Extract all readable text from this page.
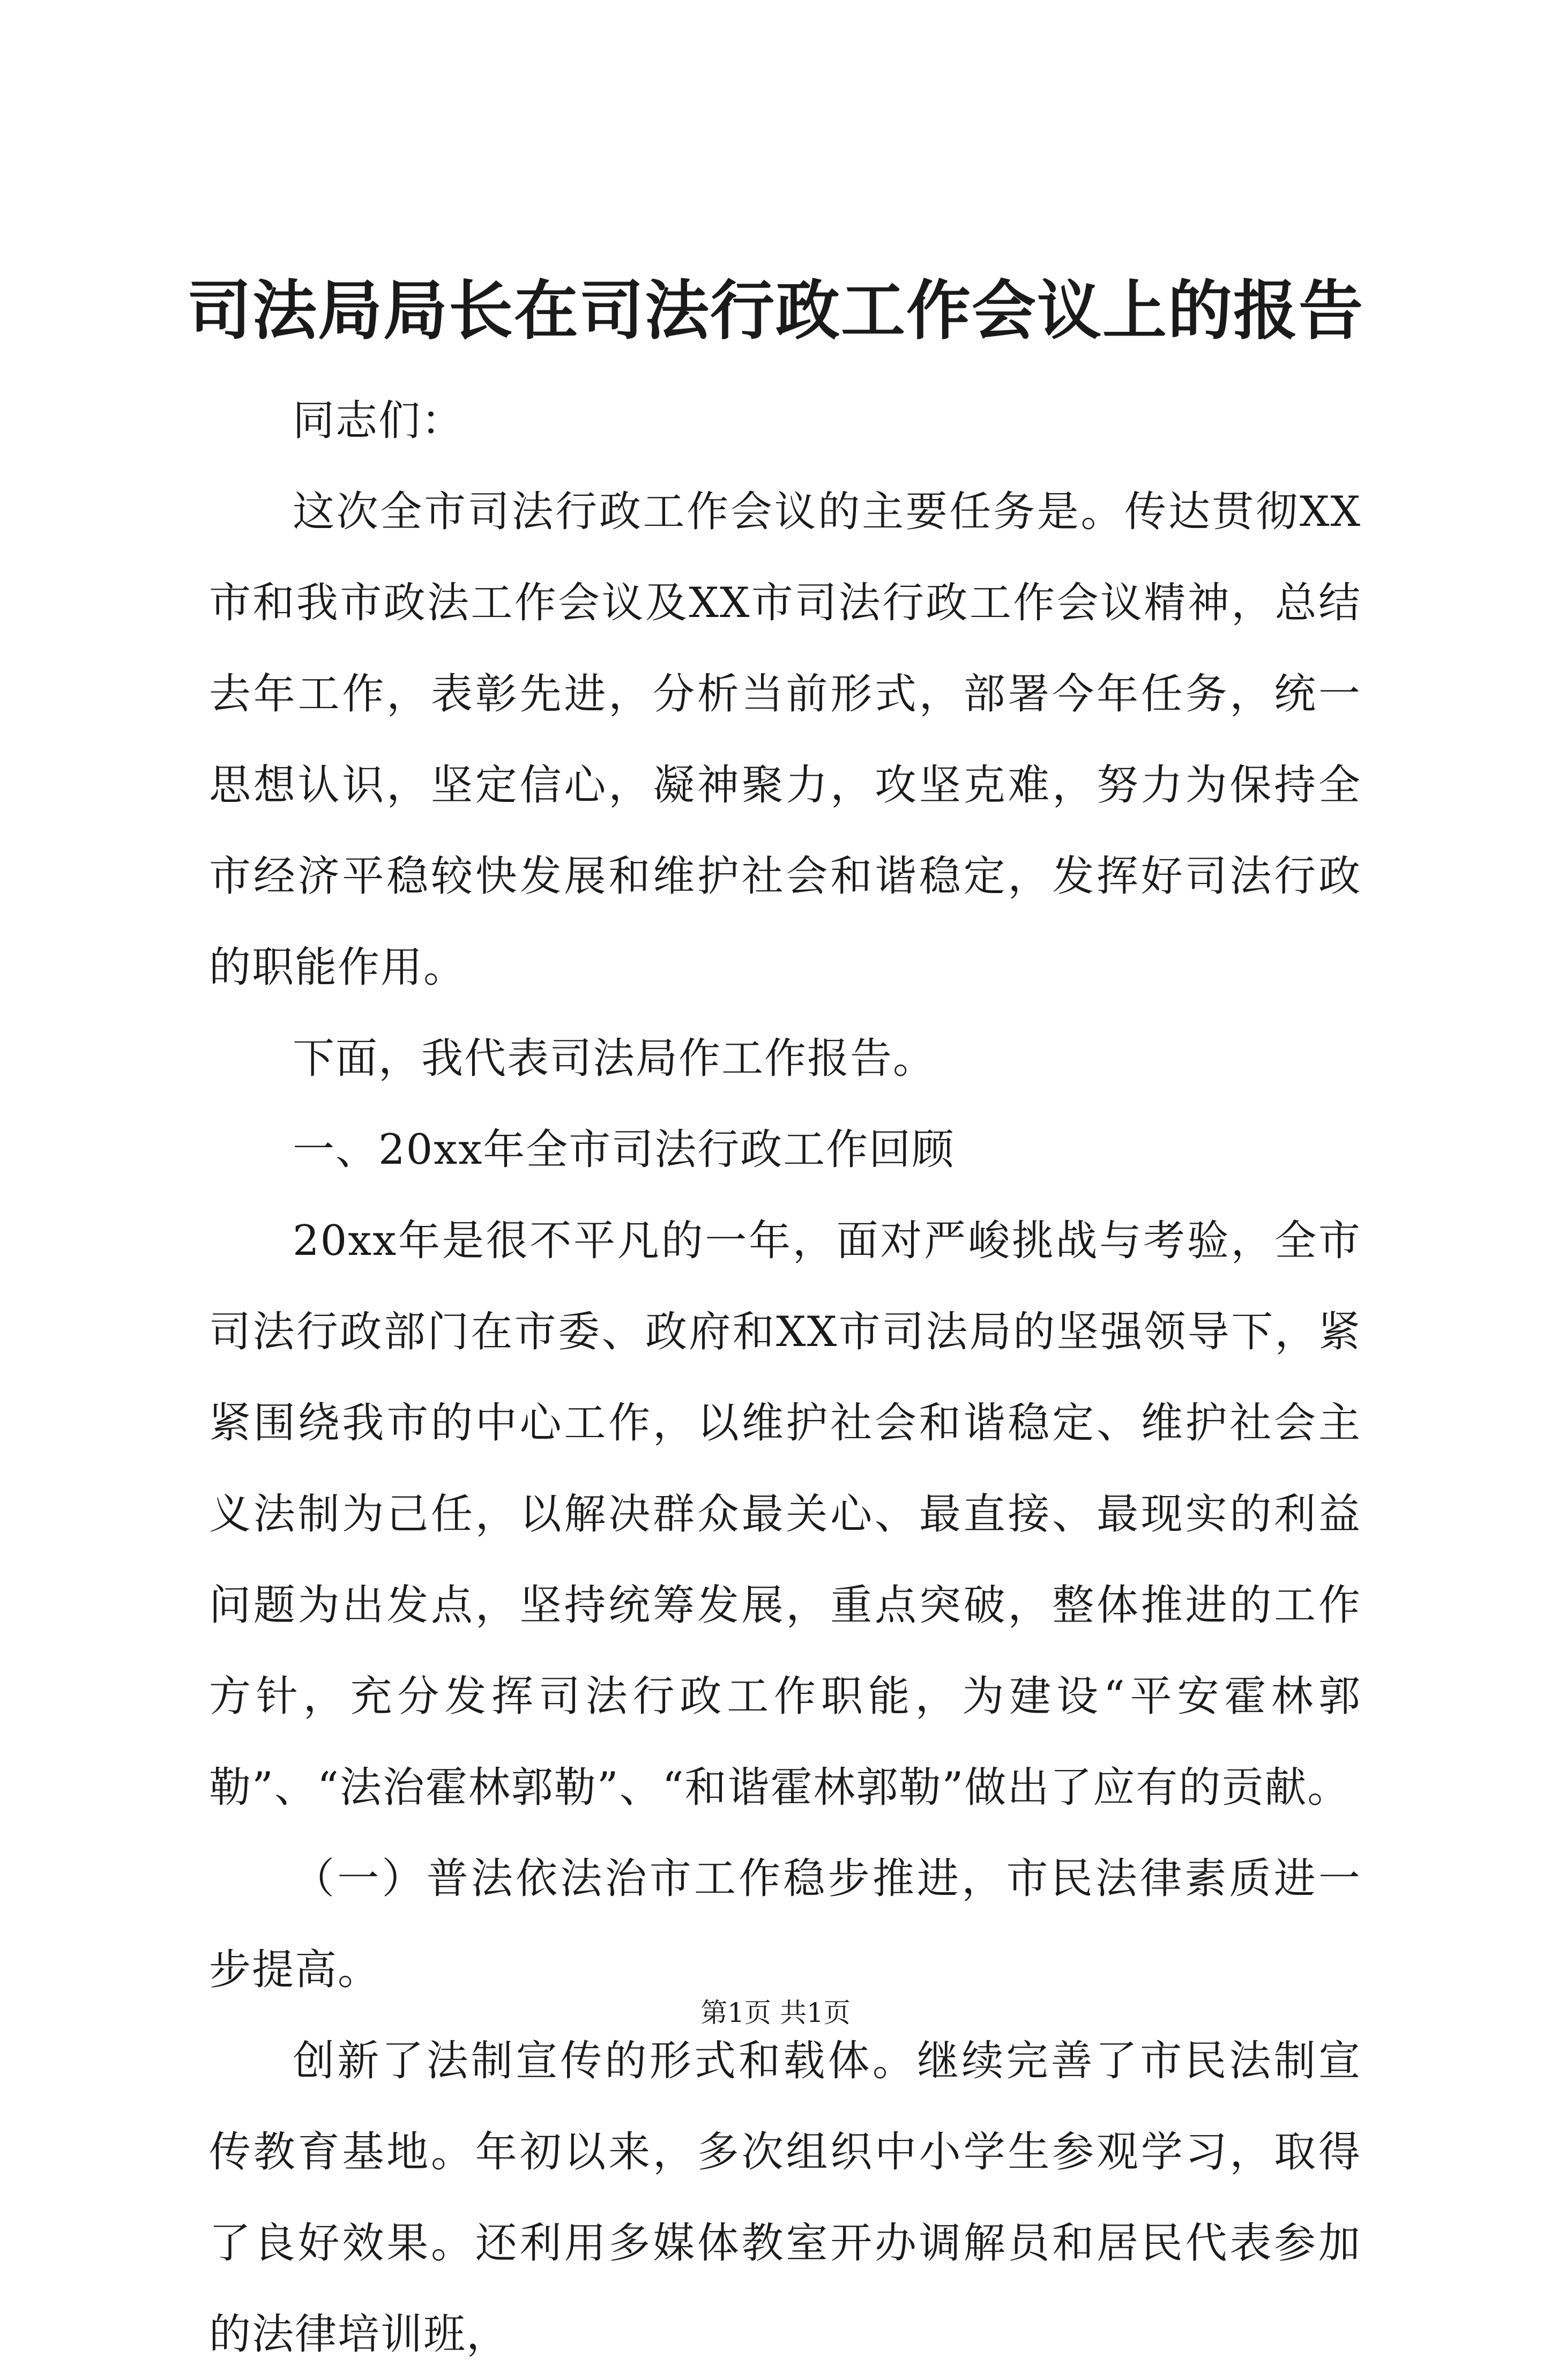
司法局局长在司法行政工作会议上的报告

同志们：

这次全市司法行政工作会议的主要任务是。传达贯彻XX市和我市政法工作会议及XX市司法行政工作会议精神，总结去年工作，表彰先进，分析当前形式，部署今年任务，统一思想认识，坚定信心，凝神聚力，攻坚克难，努力为保持全市经济平稳较快发展和维护社会和谐稳定，发挥好司法行政的职能作用。

下面，我代表司法局作工作报告。

一、20xx年全市司法行政工作回顾

20xx年是很不平凡的一年，面对严峻挑战与考验，全市司法行政部门在市委、政府和XX市司法局的坚强领导下，紧紧围绕我市的中心工作，以维护社会和谐稳定、维护社会主义法制为己任，以解决群众最关心、最直接、最现实的利益问题为出发点，坚持统筹发展，重点突破，整体推进的工作方针，充分发挥司法行政工作职能，为建设“平安霍林郭勒”、“法治霍林郭勒”、“和谐霍林郭勒”做出了应有的贡献。

（一）普法依法治市工作稳步推进，市民法律素质进一步提高。

创新了法制宣传的形式和载体。继续完善了市民法制宣传教育基地。年初以来，多次组织中小学生参观学习，取得了良好效果。还利用多媒体教室开办调解员和居民代表参加的法律培训班，

第1页 共1页
